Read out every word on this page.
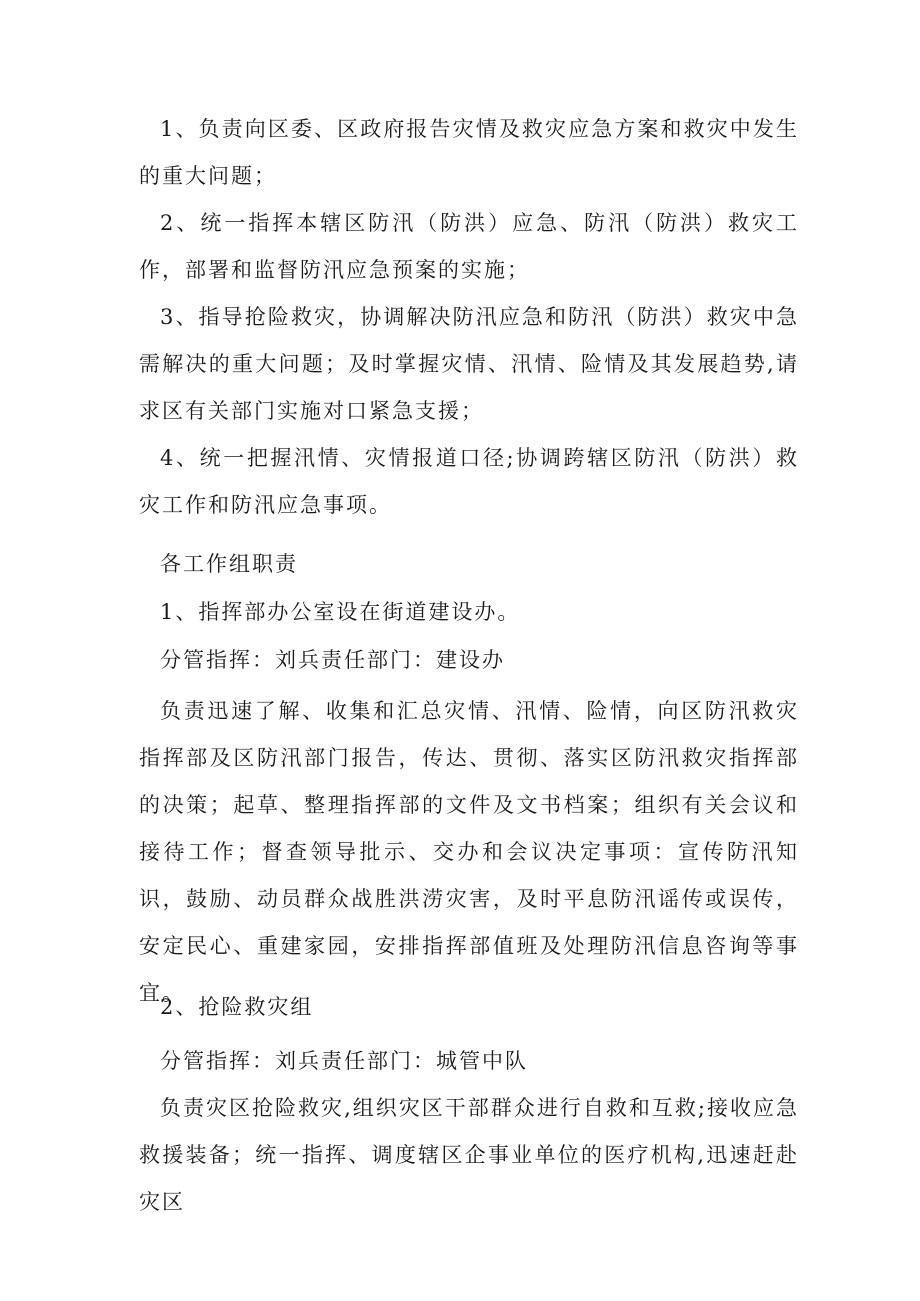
1、负责向区委、区政府报告灾情及救灾应急方案和救灾中发生的重大问题；

2、统一指挥本辖区防汛（防洪）应急、防汛（防洪）救灾工作，部署和监督防汛应急预案的实施；

3、指导抢险救灾，协调解决防汛应急和防汛（防洪）救灾中急需解决的重大问题；及时掌握灾情、汛情、险情及其发展趋势,请求区有关部门实施对口紧急支援；

4、统一把握汛情、灾情报道口径;协调跨辖区防汛（防洪）救灾工作和防汛应急事项。

各工作组职责

1、指挥部办公室设在街道建设办。

分管指挥：刘兵责任部门：建设办

负责迅速了解、收集和汇总灾情、汛情、险情，向区防汛救灾指挥部及区防汛部门报告，传达、贯彻、落实区防汛救灾指挥部的决策；起草、整理指挥部的文件及文书档案；组织有关会议和接待工作；督查领导批示、交办和会议决定事项：宣传防汛知识，鼓励、动员群众战胜洪涝灾害，及时平息防汛谣传或误传，安定民心、重建家园，安排指挥部值班及处理防汛信息咨询等事宜。

2、抢险救灾组

分管指挥：刘兵责任部门：城管中队

负责灾区抢险救灾,组织灾区干部群众进行自救和互救;接收应急救援装备；统一指挥、调度辖区企事业单位的医疗机构,迅速赶赴灾区
